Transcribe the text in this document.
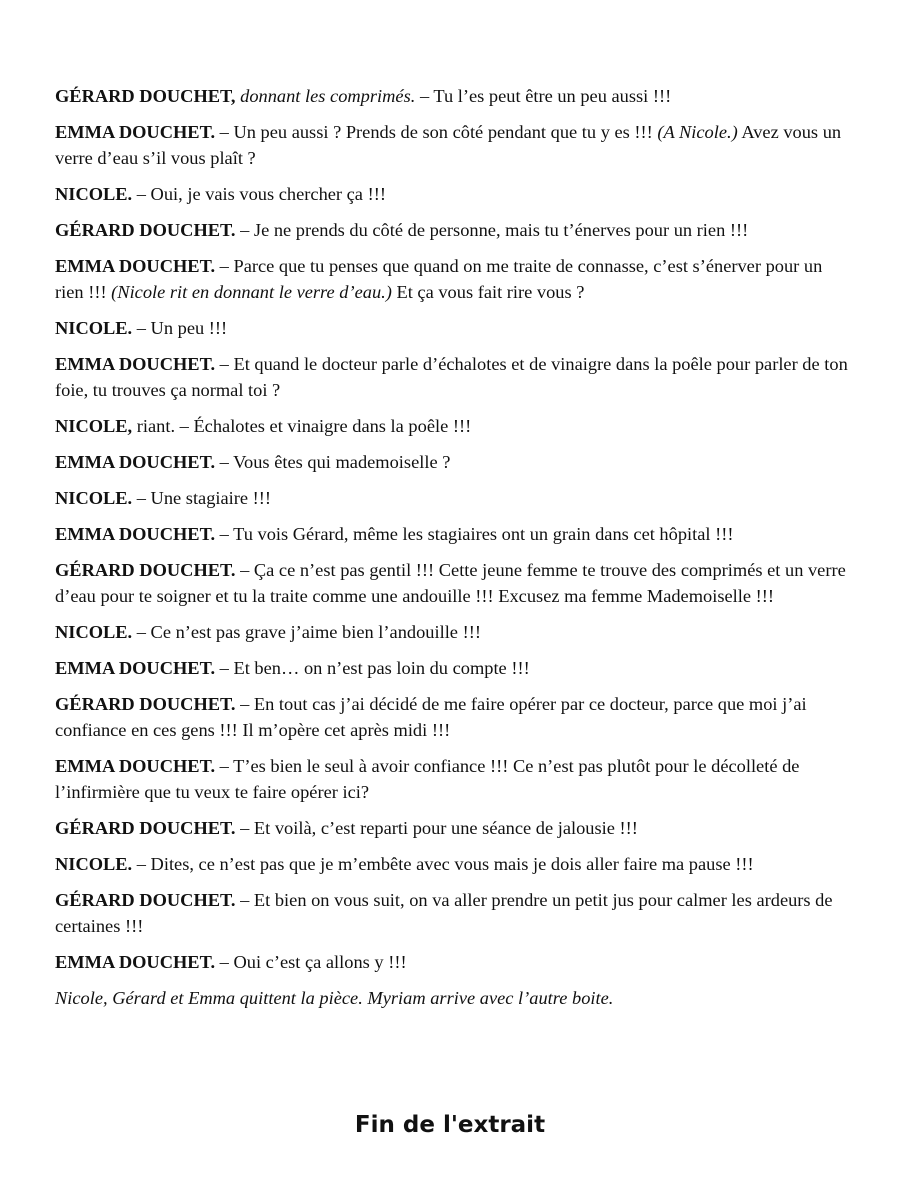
GÉRARD DOUCHET, donnant les comprimés. – Tu l’es peut être un peu aussi !!!

EMMA DOUCHET. – Un peu aussi ? Prends de son côté pendant que tu y es !!! (A Nicole.) Avez vous un verre d’eau s’il vous plaît ?

NICOLE. – Oui, je vais vous chercher ça !!!

GÉRARD DOUCHET. – Je ne prends du côté de personne, mais tu t’énerves pour un rien !!!

EMMA DOUCHET. – Parce que tu penses que quand on me traite de connasse, c’est s’énerver pour un rien !!! (Nicole rit en donnant le verre d’eau.) Et ça vous fait rire vous ?

NICOLE. – Un peu !!!

EMMA DOUCHET. – Et quand le docteur parle d’échalotes et de vinaigre dans la poêle pour parler de ton foie, tu trouves ça normal toi ?

NICOLE, riant. – Échalotes et vinaigre dans la poêle !!!

EMMA DOUCHET. – Vous êtes qui mademoiselle ?

NICOLE. – Une stagiaire !!!

EMMA DOUCHET. – Tu vois Gérard, même les stagiaires ont un grain dans cet hôpital !!!

GÉRARD DOUCHET. – Ça ce n’est pas gentil !!! Cette jeune femme te trouve des comprimés et un verre d’eau pour te soigner et tu la traite comme une andouille !!! Excusez ma femme Mademoiselle !!!

NICOLE. – Ce n’est pas grave j’aime bien l’andouille !!!

EMMA DOUCHET. – Et ben… on n’est pas loin du compte !!!

GÉRARD DOUCHET. – En tout cas j’ai décidé de me faire opérer par ce docteur, parce que moi j’ai confiance en ces gens !!! Il m’opère cet après midi !!!

EMMA DOUCHET. – T’es bien le seul à avoir confiance !!! Ce n’est pas plutôt pour le décolleté de l’infirmière que tu veux te faire opérer ici?

GÉRARD DOUCHET. – Et voilà, c’est reparti pour une séance de jalousie !!!

NICOLE. – Dites, ce n’est pas que je m’embête avec vous mais je dois aller faire ma pause !!!

GÉRARD DOUCHET. – Et bien on vous suit, on va aller prendre un petit jus pour calmer les ardeurs de certaines !!!

EMMA DOUCHET. – Oui c’est ça allons y !!!

Nicole, Gérard et Emma quittent la pièce. Myriam arrive avec l’autre boite.

Fin de l'extrait
